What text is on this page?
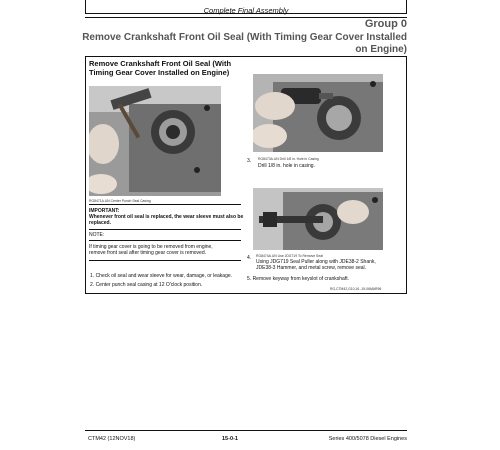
Complete Final Assembly
Group 0
Remove Crankshaft Front Oil Seal (With Timing Gear Cover Installed
on Engine)
Remove Crankshaft Front Oil Seal (With
Timing Gear Cover Installed on Engine)
RG8471A.UN Center Punch Seal Casing
IMPORTANT:
Whenever front oil seal is replaced, the wear sleeve must also be replaced.
NOTE:
If timing gear cover is going to be removed from engine,
remove front seal after timing gear cover is removed.
1. Check oil seal and wear sleeve for wear, damage, or leakage.
2. Center punch seal casing at 12 O'clock position.
RG8473A.UN Drill 1/8 in. Hole in Casing
3.
Drill 1/8 in. hole in casing.
RG8474A.UN Use JDG719 To Remove Seal
4.
Using JDG719 Seal Puller along with JDE38-2 Shank,
JDE38-3 Hammer, and metal screw, remove seal.
5. Remove keyway from keyslot of crankshaft.
RG,CTM42,G10,16 -19-06MAR96
CTM42 (12NOV18)	15-0-1	Series 400/5078 Diesel Engines
